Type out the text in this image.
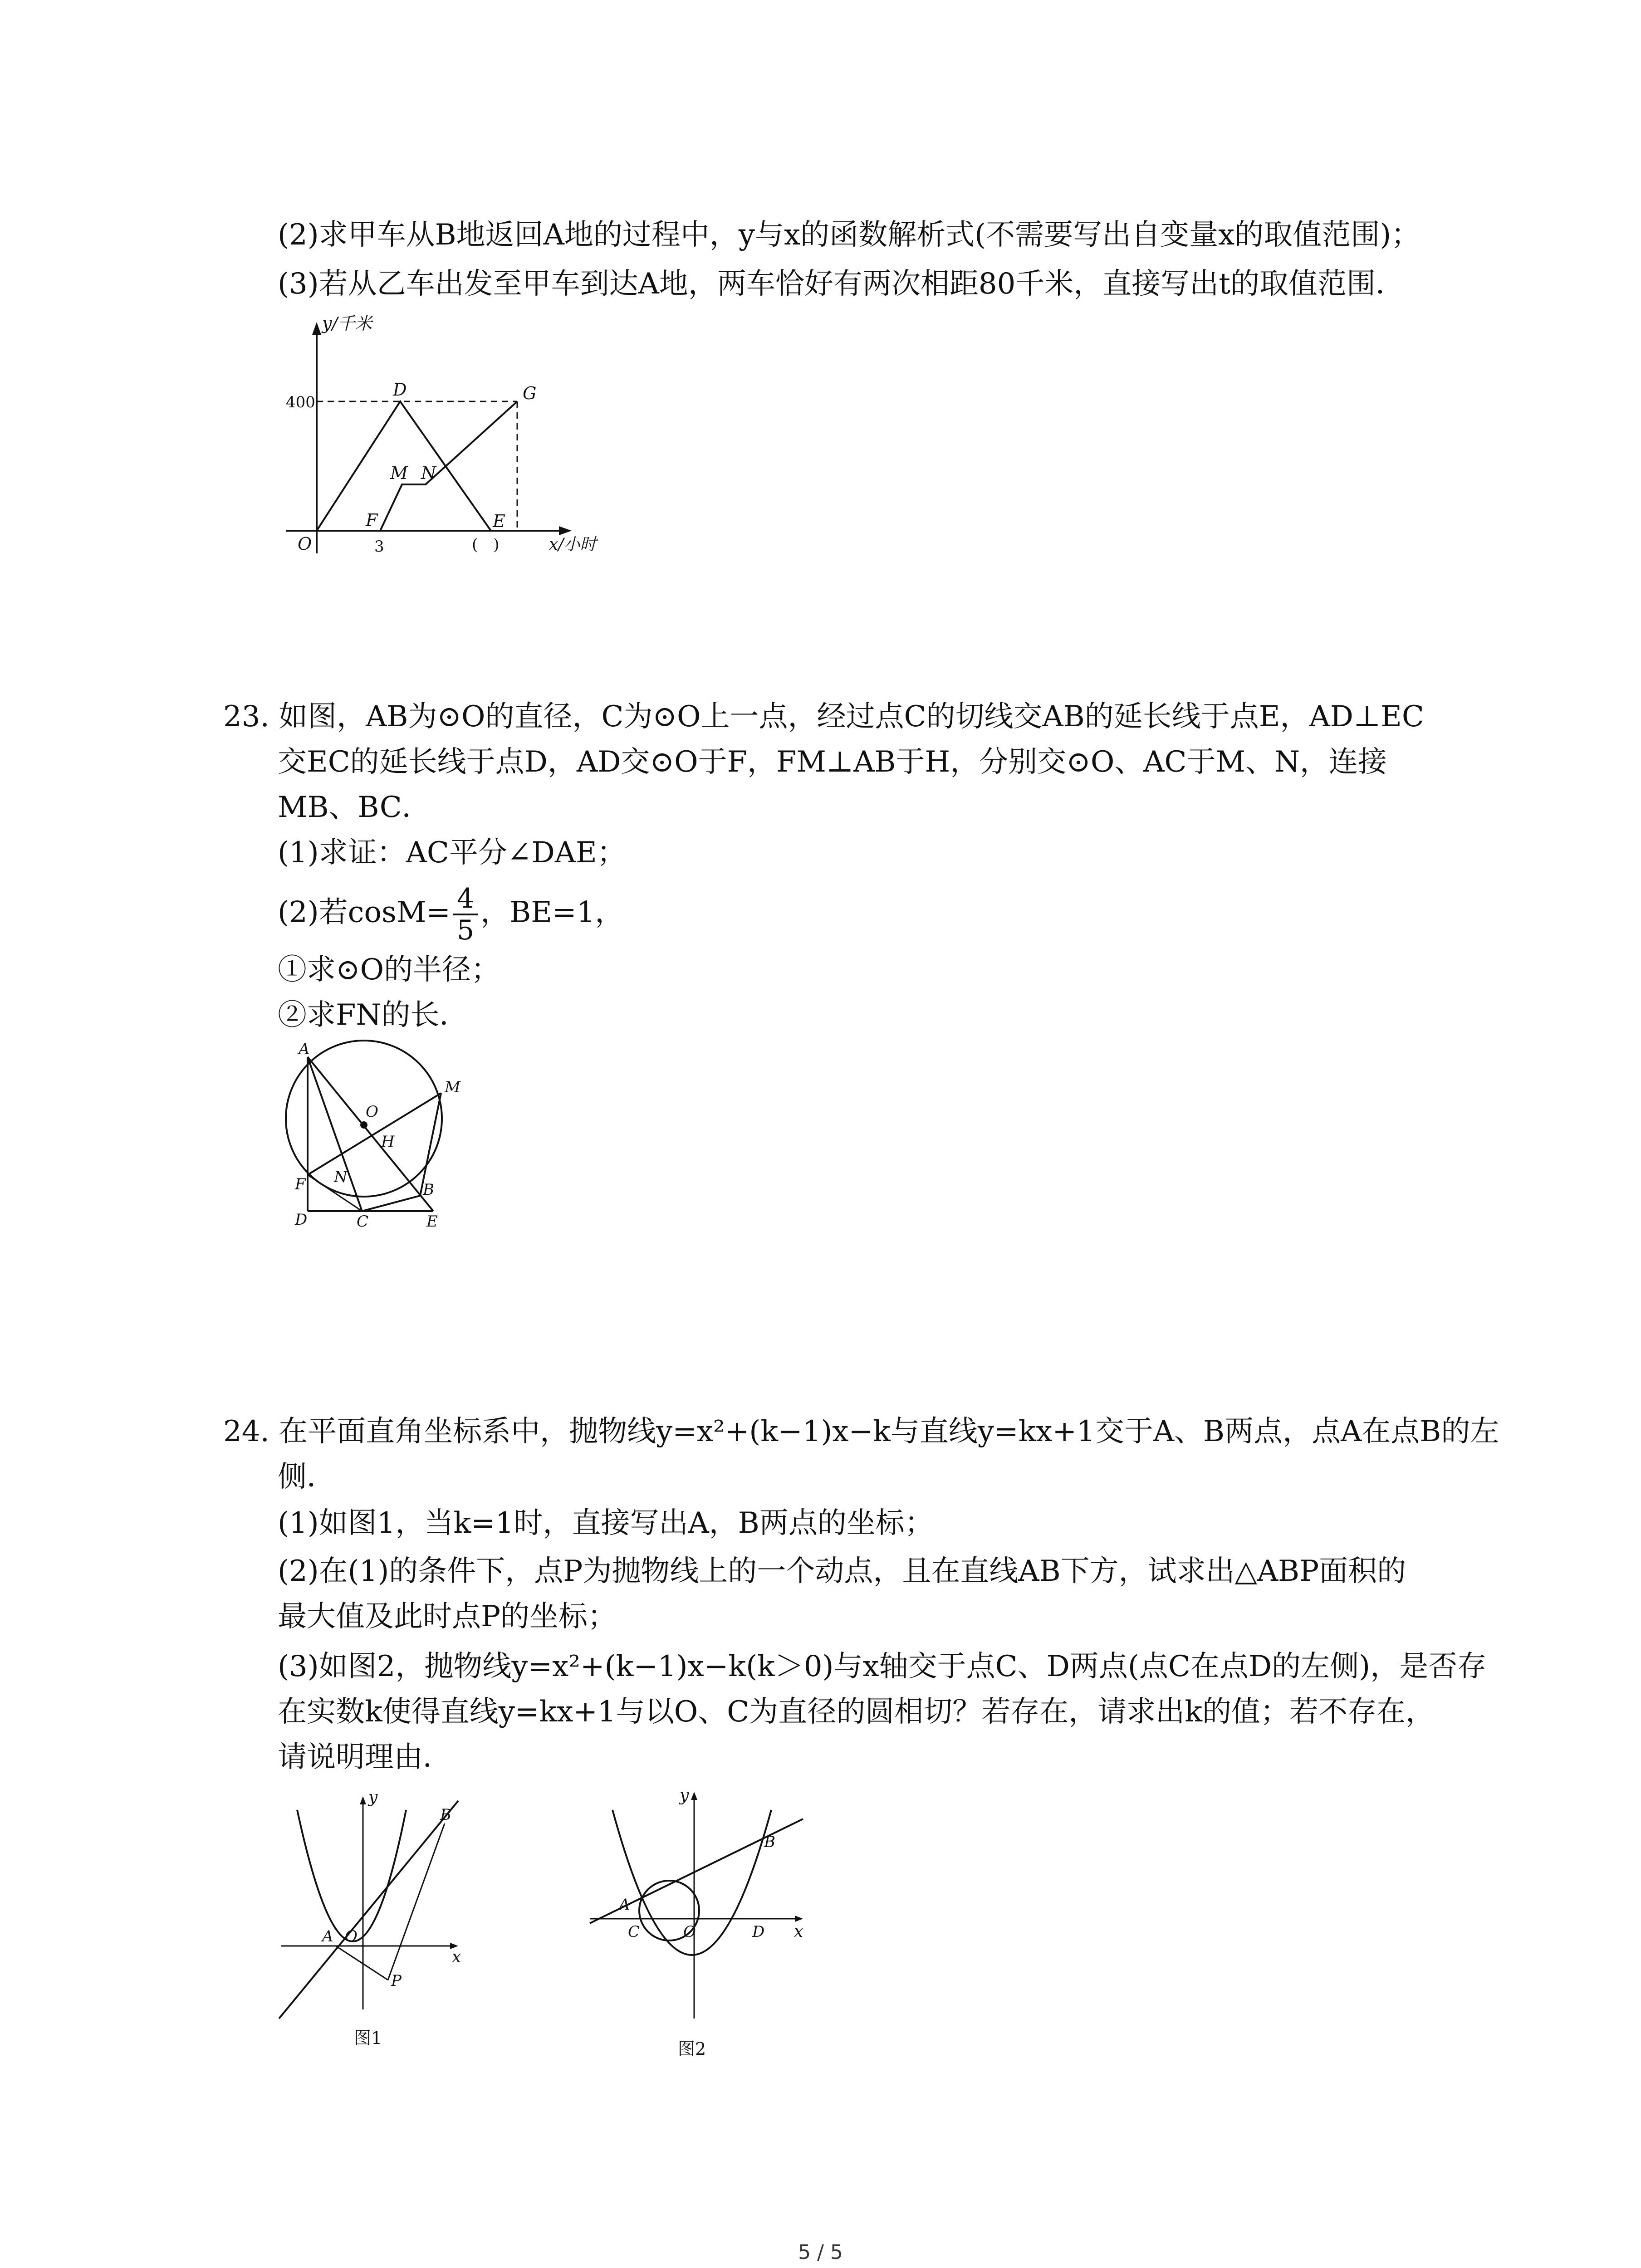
(2)求甲车从B地返回A地的过程中，y与x的函数解析式(不需要写出自变量x的取值范围)；
(3)若从乙车出发至甲车到达A地，两车恰好有两次相距80千米，直接写出t的取值范围．
y/千米
400
O	3	(　)	x/小时
D	G
M N
F	E
23. 如图，AB为⊙O的直径，C为⊙O上一点，经过点C的切线交AB的延长线于点E，AD⊥EC
交EC的延长线于点D，AD交⊙O于F，FM⊥AB于H，分别交⊙O、AC于M、N，连接
MB、BC．
(1)求证：AC平分∠DAE；
(2)若$\cos M= \frac{4}{5}$ ，BE=1，
①求⊙O的半径；
②求FN的长．
A
M
O
H
N
F	B
D	C	E
24. 在平面直角坐标系中，抛物线y=x²+(k−1)x−k与直线y=kx+1交于A、B两点，点A在点B的左
侧．
(1)如图1，当k=1时，直接写出A，B两点的坐标；
(2)在(1)的条件下，点P为抛物线上的一个动点，且在直线AB下方，试求出△ABP面积的
最大值及此时点P的坐标；
(3)如图2，抛物线y=x²+(k−1)x−k(k＞0)与x轴交于点C、D两点(点C在点D的左侧)，是否存
在实数k使得直线y=kx+1与以O、C为直径的圆相切？若存在，请求出k的值；若不存在，
请说明理由．
y
B
A O
P
x
图1
y
B
A
C	O	D x
图2
5 / 5
